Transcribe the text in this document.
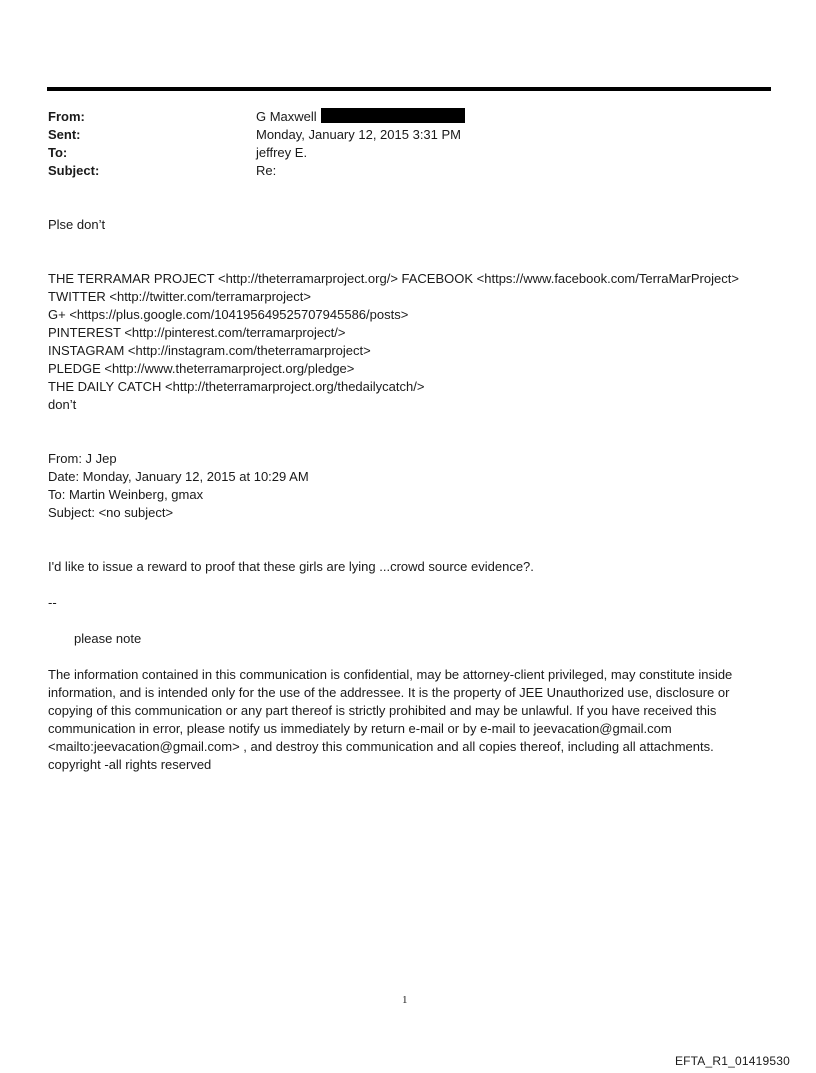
From:	G Maxwell
Sent:	Monday, January 12, 2015 3:31 PM
To:	jeffrey E.
Subject:	Re:
Plse don’t
THE TERRAMAR PROJECT <http://theterramarproject.org/> FACEBOOK <https://www.facebook.com/TerraMarProject>
TWITTER <http://twitter.com/terramarproject>
G+ <https://plus.google.com/104195649525707945586/posts>
PINTEREST <http://pinterest.com/terramarproject/>
INSTAGRAM <http://instagram.com/theterramarproject>
PLEDGE <http://www.theterramarproject.org/pledge>
THE DAILY CATCH <http://theterramarproject.org/thedailycatch/>
don’t
From: J Jep
Date: Monday, January 12, 2015 at 10:29 AM
To: Martin Weinberg, gmax
Subject: <no subject>
I'd like to issue a reward to proof that these girls are lying ...crowd source evidence?.
--
please note
The information contained in this communication is confidential, may be attorney-client privileged, may constitute inside information, and is intended only for the use of the addressee. It is the property of JEE Unauthorized use, disclosure or copying of this communication or any part thereof is strictly prohibited and may be unlawful. If you have received this communication in error, please notify us immediately by return e-mail or by e-mail to jeevacation@gmail.com <mailto:jeevacation@gmail.com> , and destroy this communication and all copies thereof, including all attachments. copyright -all rights reserved
1
EFTA_R1_01419530
